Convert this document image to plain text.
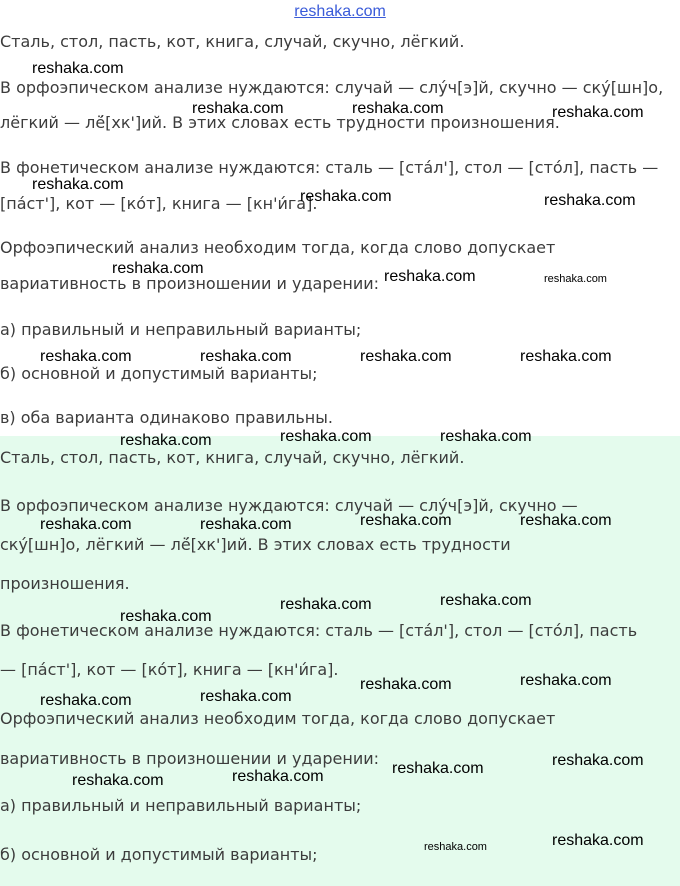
reshaka.com
Сталь, стол, пасть, кот, книга, случай, скучно, лёгкий.
В орфоэпическом анализе нуждаются: случай — слу́ч[э]й, скучно — ску́[шн]о,
лёгкий — лё́[хк']ий. В этих словах есть трудности произношения.
В фонетическом анализе нуждаются: сталь — [ста́л'], стол — [сто́л], пасть —
[па́ст'], кот — [ко́т], книга — [кн'и́га].
Орфоэпический анализ необходим тогда, когда слово допускает
вариативность в произношении и ударении:
а) правильный и неправильный варианты;
б) основной и допустимый варианты;
в) оба варианта одинаково правильны.
Сталь, стол, пасть, кот, книга, случай, скучно, лёгкий.
В орфоэпическом анализе нуждаются: случай — слу́ч[э]й, скучно —
ску́[шн]о, лёгкий — лё́[хк']ий. В этих словах есть трудности
произношения.
В фонетическом анализе нуждаются: сталь — [ста́л'], стол — [сто́л], пасть
— [па́ст'], кот — [ко́т], книга — [кн'и́га].
Орфоэпический анализ необходим тогда, когда слово допускает
вариативность в произношении и ударении:
а) правильный и неправильный варианты;
б) основной и допустимый варианты;
reshaka.com
reshaka.com	reshaka.com	reshaka.com
reshaka.com
reshaka.com	reshaka.com
reshaka.com	reshaka.com	reshaka.com
reshaka.com	reshaka.com	reshaka.com	reshaka.com
reshaka.com	reshaka.com	reshaka.com
reshaka.com	reshaka.com	reshaka.com	reshaka.com
reshaka.com
reshaka.com	reshaka.com
reshaka.com	reshaka.com
reshaka.com	reshaka.com
reshaka.com	reshaka.com	reshaka.com	reshaka.com
reshaka.com	reshaka.com
